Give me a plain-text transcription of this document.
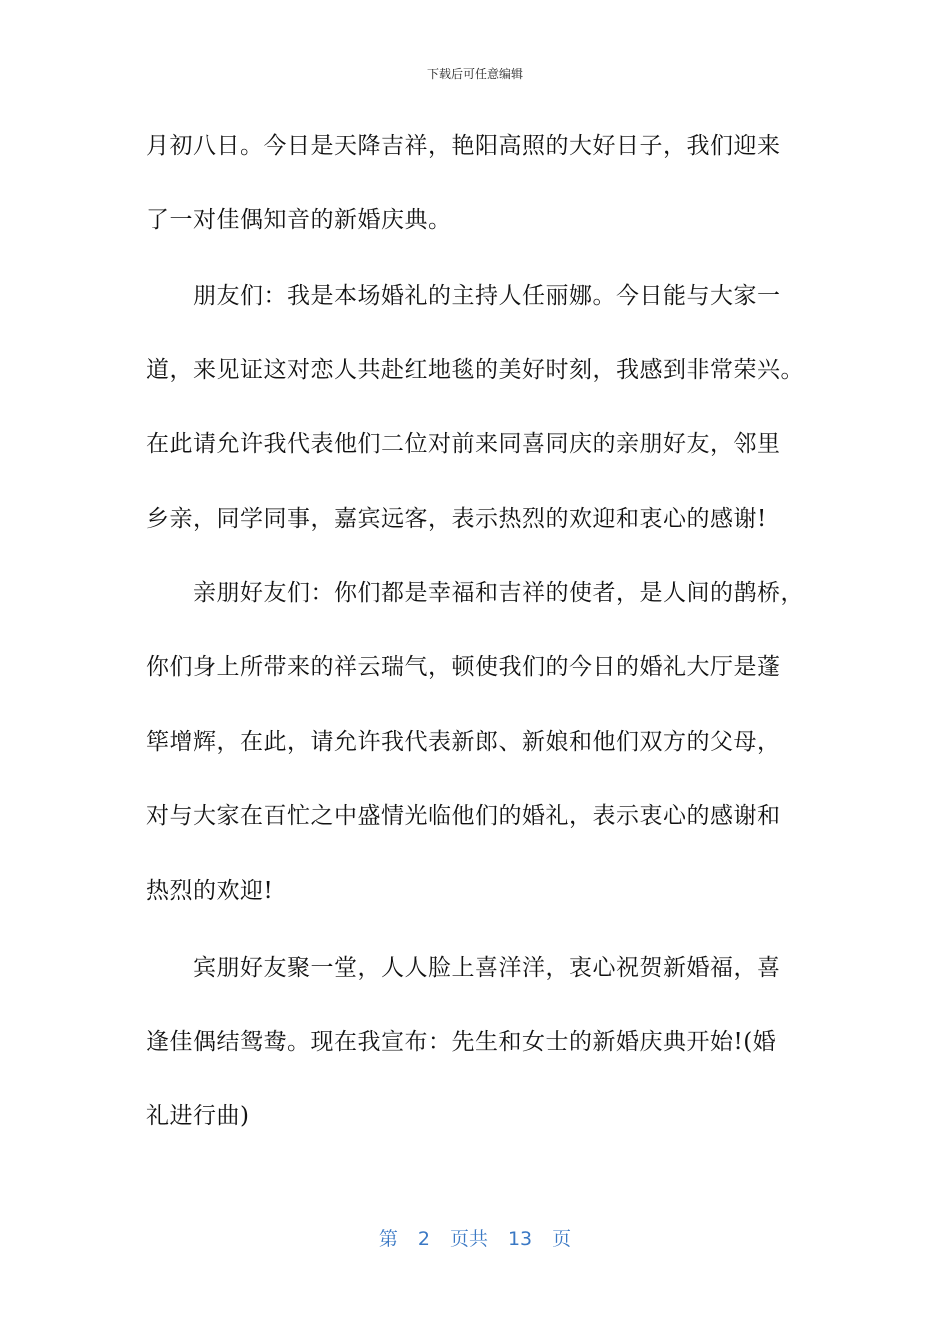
下载后可任意编辑
月初八日。今日是天降吉祥，艳阳高照的大好日子，我们迎来
了一对佳偶知音的新婚庆典。
朋友们：我是本场婚礼的主持人任丽娜。今日能与大家一
道，来见证这对恋人共赴红地毯的美好时刻，我感到非常荣兴。
在此请允许我代表他们二位对前来同喜同庆的亲朋好友，邻里
乡亲，同学同事，嘉宾远客，表示热烈的欢迎和衷心的感谢!
亲朋好友们：你们都是幸福和吉祥的使者，是人间的鹊桥，
你们身上所带来的祥云瑞气，顿使我们的今日的婚礼大厅是蓬
筚增辉，在此，请允许我代表新郎、新娘和他们双方的父母，
对与大家在百忙之中盛情光临他们的婚礼，表示衷心的感谢和
热烈的欢迎!
宾朋好友聚一堂，人人脸上喜洋洋，衷心祝贺新婚福，喜
逢佳偶结鸳鸯。现在我宣布：先生和女士的新婚庆典开始!(婚
礼进行曲)
第 2 页共 13 页
